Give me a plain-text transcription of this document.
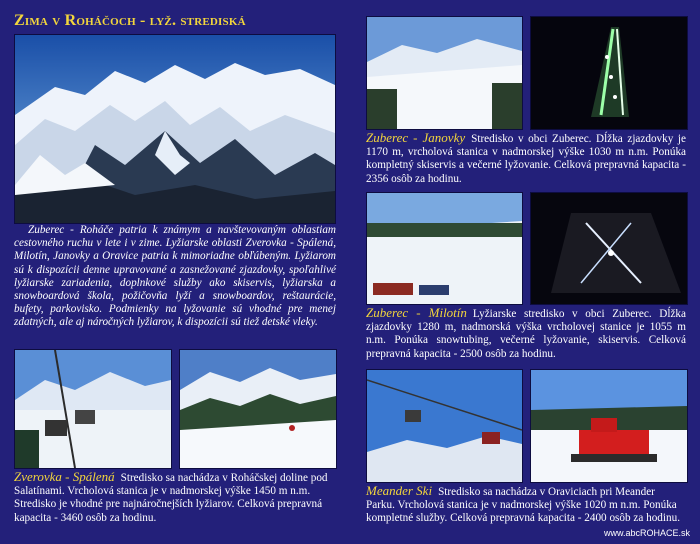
Zima v Roháčoch - lyž. strediská

Zuberec - Roháče patria k známym a navštevovaným oblastiam cestovného ruchu v lete i v zime. Lyžiarske oblasti Zverovka - Spálená, Milotín, Janovky a Oravice patria k mimoriadne obľúbeným. Lyžiarom sú k dispozícii denne upravované a zasnežované zjazdovky, spoľahlivé lyžiarske zariadenia, doplnkové služby ako skiservis, lyžiarska a snowboardová škola, požičovňa lyží a snowboardov, reštaurácie, bufety, parkovisko. Podmienky na lyžovanie sú vhodné pre menej zdatných, ale aj náročných lyžiarov, k dispozícii sú tiež detské vleky.

Zverovka - Spálená Stredisko sa nachádza v Roháčskej doline pod Salatínami. Vrcholová stanica je v nadmorskej výške 1450 m n.m. Stredisko je vhodné pre najnáročnejších lyžiarov. Celková prepravná kapacita - 3460 osôb za hodinu.

Zuberec - Janovky Stredisko v obci Zuberec. Dĺžka zjazdovky je 1170 m, vrcholová stanica v nadmorskej výške 1030 m n.m. Ponúka kompletný skiservis a večerné lyžovanie. Celková prepravná kapacita - 2356 osôb za hodinu.

Zuberec - Milotín Lyžiarske stredisko v obci Zuberec. Dĺžka zjazdovky 1280 m, nadmorská výška vrcholovej stanice je 1055 m n.m. Ponúka snowtubing, večerné lyžovanie, skiservis. Celková prepravná kapacita - 2500 osôb za hodinu.

Meander Ski Stredisko sa nachádza v Oraviciach pri Meander Parku. Vrcholová stanica je v nadmorskej výške 1020 m n.m. Ponúka kompletné služby. Celková prepravná kapacita - 2400 osôb za hodinu.

www.abcROHACE.sk
